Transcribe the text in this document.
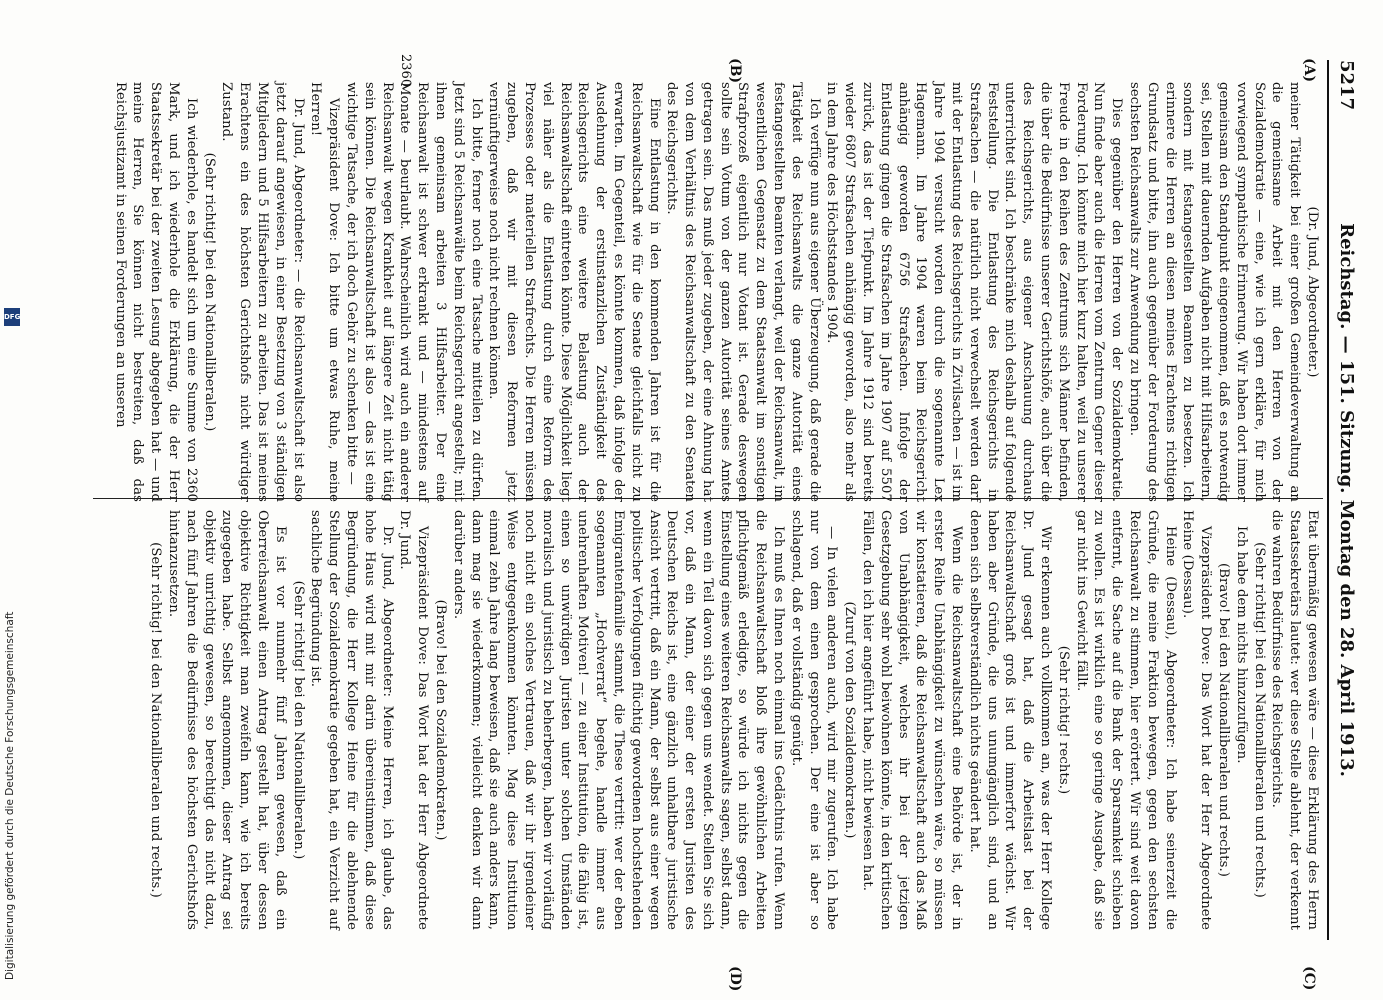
DFG
Digitalisierung gefördert durch die Deutsche Forschungsgemeinschaft
5217
Reichstag. — 151. Sitzung. Montag den 28. April 1913.
(A)
(B)
(C)
(D)
2360

(Dr. Jund, Abgeordneter.)

meiner Tätigkeit bei einer großen Gemeindeverwaltung an die gemeinsame Arbeit mit den Herren von der Sozialdemokratie — eine, wie ich gern erkläre, für mich vorwiegend sympathische Erinnerung. Wir haben dort immer gemeinsam den Standpunkt eingenommen, daß es notwendig sei, Stellen mit dauernden Aufgaben nicht mit Hilfsarbeitern, sondern mit festangestellten Beamten zu besetzen. Ich erinnere die Herren an diesen meines Erachtens richtigen Grundsatz und bitte, ihn auch gegenüber der Forderung des sechsten Reichsanwalts zur Anwendung zu bringen.

Dies gegenüber den Herren von der Sozialdemokratie. Nun finde aber auch die Herren vom Zentrum Gegner dieser Forderung. Ich könnte mich hier kurz halten, weil zu unserer Freude in den Reihen des Zentrums sich Männer befinden, die über die Bedürfnisse unserer Gerichtshöfe, auch über die des Reichsgerichts, aus eigener Anschauung durchaus unterrichtet sind. Ich beschränke mich deshalb auf folgende Feststellung. Die Entlastung des Reichsgerichts in Strafsachen — die natürlich nicht verwechselt werden darf mit der Entlastung des Reichsgerichts in Zivilsachen — ist im Jahre 1904 versucht worden durch die sogenannte Lex Hagemann. Im Jahre 1904 waren beim Reichsgericht anhängig geworden 6756 Strafsachen. Infolge der Entlastung gingen die Strafsachen im Jahre 1907 auf 5507 zurück, das ist der Tiefpunkt. Im Jahre 1912 sind bereits wieder 6807 Strafsachen anhängig geworden, also mehr als in dem Jahre des Höchststandes 1904.

Ich verfüge nun aus eigener Überzeugung, daß gerade die Tätigkeit des Reichsanwalts die ganze Autorität eines festangestellten Beamten verlangt, weil der Reichsanwalt, im wesentlichen Gegensatz zu dem Staatsanwalt im sonstigen Strafprozeß eigentlich nur Votant ist. Gerade deswegen sollte sein Votum von der ganzen Autorität seines Amtes getragen sein. Das muß jeder zugeben, der eine Ahnung hat von dem Verhältnis des Reichsanwaltschaft zu den Senaten des Reichsgerichts.

Eine Entlastung in den kommenden Jahren ist für die Reichsanwaltschaft wie für die Senate gleichfalls nicht zu erwarten. Im Gegenteil, es könnte kommen, daß infolge der Ausdehnung der erstinstanzlichen Zuständigkeit des Reichsgerichts eine weitere Belastung auch der Reichsanwaltschaft eintreten könnte. Diese Möglichkeit liegt viel näher als die Entlastung durch eine Reform des Prozesses oder materiellen Strafrechts. Die Herren müssen zugeben, daß wir mit diesen Reformen jetzt vernünftigerweise noch nicht rechnen können.

Ich bitte, ferner noch eine Tatsache mitteilen zu dürfen. Jetzt sind 5 Reichsanwälte beim Reichsgericht angestellt; mit ihnen gemeinsam arbeiten 3 Hilfsarbeiter. Der eine Reichsanwalt ist schwer erkrankt und — mindestens auf Monate — beurlaubt. Wahrscheinlich wird auch ein anderer Reichsanwalt wegen Krankheit auf längere Zeit nicht tätig sein können. Die Reichsanwaltschaft ist also — das ist eine wichtige Tatsache, der ich doch Gehör zu schenken bitte —

Vizepräsident Dove: Ich bitte um etwas Ruhe, meine Herren!

Dr. Jund, Abgeordneter: — die Reichsanwaltschaft ist also jetzt darauf angewiesen, in einer Besetzung von 3 ständigen Mitgliedern und 5 Hilfsarbeitern zu arbeiten. Das ist meines Erachtens ein des höchsten Gerichtshofs nicht würdiger Zustand.

(Sehr richtig! bei den Nationalliberalen.)

Ich wiederhole, es handelt sich um eine Summe von 2360 Mark, und ich wiederhole die Erklärung, die der Herr Staatssekretär bei der zweiten Lesung abgegeben hat — und meine Herren, Sie können nicht bestreiten, daß das Reichsjustizamt in seinen Forderungen an unseren

Etat übermäßig gewesen wäre — diese Erklärung des Herrn Staatssekretärs lautet: wer diese Stelle ablehnt, der verkennt die wahren Bedürfnisse des Reichsgerichts.

(Sehr richtig! bei den Nationalliberalen und rechts.)

Ich habe dem nichts hinzuzufügen.

(Bravo! bei den Nationalliberalen und rechts.)

Vizepräsident Dove: Das Wort hat der Herr Abgeordnete Heine (Dessau).

Heine (Dessau), Abgeordneter: Ich habe seinerzeit die Gründe, die meine Fraktion bewegen, gegen den sechsten Reichsanwalt zu stimmen, hier erörtert. Wir sind weit davon entfernt, die Sache auf die Bank der Sparsamkeit schieben zu wollen. Es ist wirklich eine so geringe Ausgabe, daß sie gar nicht ins Gewicht fällt.

(Sehr richtig! rechts.)

Wir erkennen auch vollkommen an, was der Herr Kollege Dr. Jund gesagt hat, daß die Arbeitslast bei der Reichsanwaltschaft groß ist und immerfort wächst. Wir haben aber Gründe, die uns unumgänglich sind, und an denen sich selbstverständlich nichts geändert hat.

Wenn die Reichsanwaltschaft eine Behörde ist, der in erster Reihe Unabhängigkeit zu wünschen wäre, so müssen wir konstatieren, daß die Reichsanwaltschaft auch das Maß von Unabhängigkeit, welches ihr bei der jetzigen Gesetzgebung sehr wohl beiwohnen könnte, in den kritischen Fällen, den ich hier angeführt habe, nicht bewiesen hat.

(Zuruf von den Sozialdemokraten.)

— In vielen anderen auch, wird mir zugerufen. Ich habe nur von dem einen gesprochen. Der eine ist aber so schlagend, daß er vollständig genügt.

Ich muß es Ihnen noch einmal ins Gedächtnis rufen. Wenn die Reichsanwaltschaft bloß ihre gewöhnlichen Arbeiten pflichtgemäß erledigte, so würde ich nichts gegen die Einstellung eines weiteren Reichsanwalts sagen, selbst dann, wenn ein Teil davon sich gegen uns wendet. Stellen Sie sich vor, daß ein Mann, der einer der ersten Juristen des Deutschen Reichs ist, eine gänzlich unhaltbare juristische Ansicht vertritt, daß ein Mann, der selbst aus einer wegen politischer Verfolgungen flüchtig gewordenen hochstehenden Emigrantenfamilie stammt, die These vertritt: wer der eben sogenannten „Hochverrat“ begehe, handle immer aus unehrenhaften Motiven! — zu einer Institution, die fähig ist, einen so unwürdigen Juristen unter solchen Umständen moralisch und juristisch zu beherbergen, haben wir vorläufig noch nicht ein solches Vertrauen, daß wir ihr irgendeiner Weise entgegenkommen könnten. Mag diese Institution einmal zehn Jahre lang beweisen, daß sie auch anders kann, dann mag sie wiederkommen; vielleicht denken wir dann darüber anders.

(Bravo! bei den Sozialdemokraten.)

Vizepräsident Dove: Das Wort hat der Herr Abgeordnete Dr. Jund.

Dr. Jund, Abgeordneter: Meine Herren, ich glaube, das hohe Haus wird mit mir darin übereinstimmen, daß diese Begründung, die Herr Kollege Heine für die ablehnende Stellung der Sozialdemokratie gegeben hat, ein Verzicht auf sachliche Begründung ist.

(Sehr richtig! bei den Nationalliberalen.)

Es ist vor nunmehr fünf Jahren gewesen, daß ein Oberreichsanwalt einen Antrag gestellt hat, über dessen objektive Richtigkeit man zweifeln kann, wie ich bereits zugegeben habe. Selbst angenommen, dieser Antrag sei objektiv unrichtig gewesen, so berechtigt das nicht dazu, nach fünf Jahren die Bedürfnisse des höchsten Gerichtshofs hintanzusetzen.

(Sehr richtig! bei den Nationalliberalen und rechts.)
